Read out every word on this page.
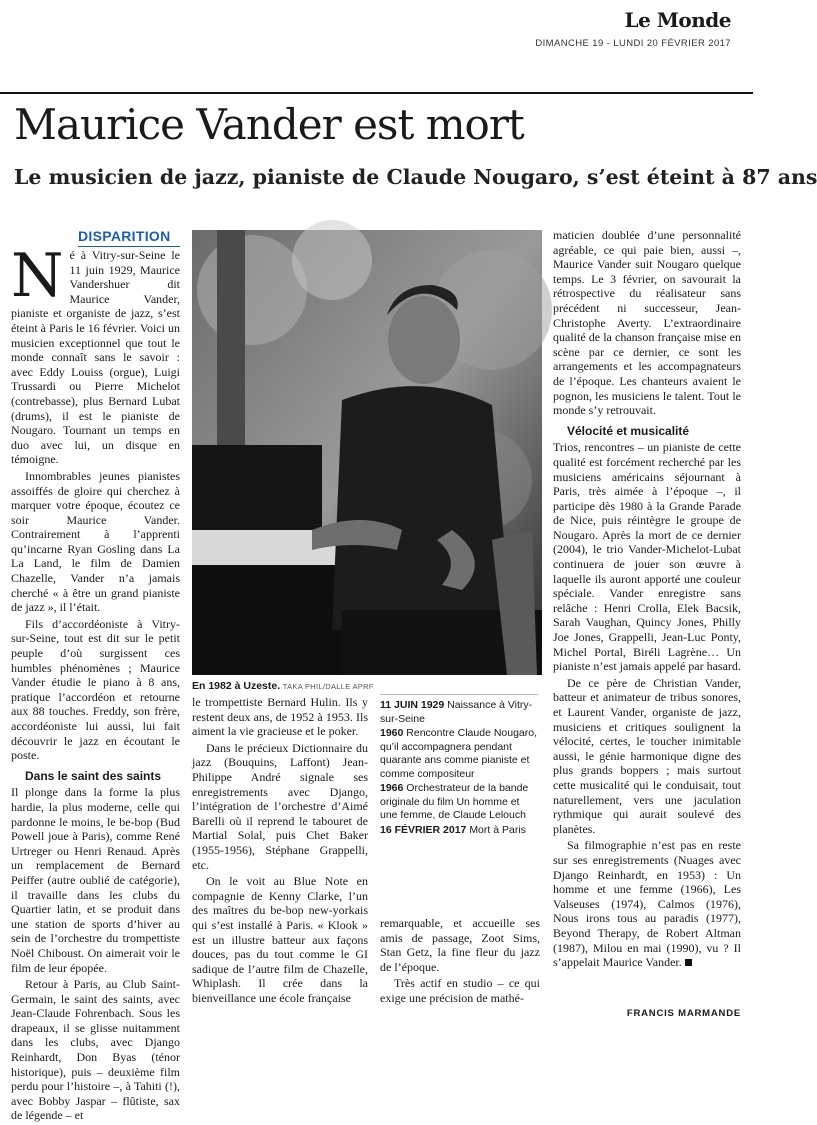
Le Monde
DIMANCHE 19 - LUNDI 20 FÉVRIER 2017
Maurice Vander est mort
Le musicien de jazz, pianiste de Claude Nougaro, s’est éteint à 87 ans
DISPARITION

Né à Vitry-sur-Seine le 11 juin 1929, Maurice Vandershuer dit Maurice Vander, pianiste et organiste de jazz, s’est éteint à Paris le 16 février. Voici un musicien exceptionnel que tout le monde connaît sans le savoir : avec Eddy Louiss (orgue), Luigi Trussardi ou Pierre Michelot (contrebasse), plus Bernard Lubat (drums), il est le pianiste de Nougaro. Tournant un temps en duo avec lui, un disque en témoigne.

Innombrables jeunes pianistes assoiffés de gloire qui cherchez à marquer votre époque, écoutez ce soir Maurice Vander. Contrairement à l’apprenti qu’incarne Ryan Gosling dans La La Land, le film de Damien Chazelle, Vander n’a jamais cherché « à être un grand pianiste de jazz », il l’était.

Fils d’accordéoniste à Vitry-sur-Seine, tout est dit sur le petit peuple d’où surgissent ces humbles phénomènes ; Maurice Vander étudie le piano à 8 ans, pratique l’accordéon et retourne aux 88 touches. Freddy, son frère, accordéoniste lui aussi, lui fait découvrir le jazz en écoutant le poste.

Dans le saint des saints

Il plonge dans la forme la plus hardie, la plus moderne, celle qui pardonne le moins, le be-bop (Bud Powell joue à Paris), comme René Urtreger ou Henri Renaud. Après un remplacement de Bernard Peiffer (autre oublié de catégorie), il travaille dans les clubs du Quartier latin, et se produit dans une station de sports d’hiver au sein de l’orchestre du trompettiste Noël Chiboust. On aimerait voir le film de leur épopée.

Retour à Paris, au Club Saint-Germain, le saint des saints, avec Jean-Claude Fohrenbach. Sous les drapeaux, il se glisse nuitamment dans les clubs, avec Django Reinhardt, Don Byas (ténor historique), puis – deuxième film perdu pour l’histoire –, à Tahiti (!), avec Bobby Jaspar – flûtiste, sax de légende – et

En 1982 à Uzeste. TAKA PHIL/DALLE APRF

le trompettiste Bernard Hulin. Ils y restent deux ans, de 1952 à 1953. Ils aiment la vie gracieuse et le poker.

Dans le précieux Dictionnaire du jazz (Bouquins, Laffont) Jean-Philippe André signale ses enregistrements avec Django, l’intégration de l’orchestre d’Aimé Barelli où il reprend le tabouret de Martial Solal, puis Chet Baker (1955-1956), Stéphane Grappelli, etc.

On le voit au Blue Note en compagnie de Kenny Clarke, l’un des maîtres du be-bop new-yorkais qui s’est installé à Paris. « Klook » est un illustre batteur aux façons douces, pas du tout comme le GI sadique de l’autre film de Chazelle, Whiplash. Il crée dans la bienveillance une école française

11 JUIN 1929 Naissance à Vitry-sur-Seine
1960 Rencontre Claude Nougaro, qu’il accompagnera pendant quarante ans comme pianiste et comme compositeur
1966 Orchestrateur de la bande originale du film Un homme et une femme, de Claude Lelouch
16 FÉVRIER 2017 Mort à Paris

remarquable, et accueille ses amis de passage, Zoot Sims, Stan Getz, la fine fleur du jazz de l’époque.

Très actif en studio – ce qui exige une précision de mathé-

maticien doublée d’une personnalité agréable, ce qui paie bien, aussi –, Maurice Vander suit Nougaro quelque temps. Le 3 février, on savourait la rétrospective du réalisateur sans précédent ni successeur, Jean-Christophe Averty. L’extraordinaire qualité de la chanson française mise en scène par ce dernier, ce sont les arrangements et les accompagnateurs de l’époque. Les chanteurs avaient le pognon, les musiciens le talent. Tout le monde s’y retrouvait.

Vélocité et musicalité

Trios, rencontres – un pianiste de cette qualité est forcément recherché par les musiciens américains séjournant à Paris, très aimée à l’époque –, il participe dès 1980 à la Grande Parade de Nice, puis réintègre le groupe de Nougaro. Après la mort de ce dernier (2004), le trio Vander-Michelot-Lubat continuera de jouer son œuvre à laquelle ils auront apporté une couleur spéciale. Vander enregistre sans relâche : Henri Crolla, Elek Bacsik, Sarah Vaughan, Quincy Jones, Philly Joe Jones, Grappelli, Jean-Luc Ponty, Michel Portal, Biréli Lagrène… Un pianiste n’est jamais appelé par hasard.

De ce père de Christian Vander, batteur et animateur de tribus sonores, et Laurent Vander, organiste de jazz, musiciens et critiques soulignent la vélocité, certes, le toucher inimitable aussi, le génie harmonique digne des plus grands boppers ; mais surtout cette musicalité qui le conduisait, tout naturellement, vers une jaculation rythmique qui aurait soulevé des planètes.

Sa filmographie n’est pas en reste sur ses enregistrements (Nuages avec Django Reinhardt, en 1953) : Un homme et une femme (1966), Les Valseuses (1974), Calmos (1976), Nous irons tous au paradis (1977), Beyond Therapy, de Robert Altman (1987), Milou en mai (1990), vu ? Il s’appelait Maurice Vander.

FRANCIS MARMANDE
